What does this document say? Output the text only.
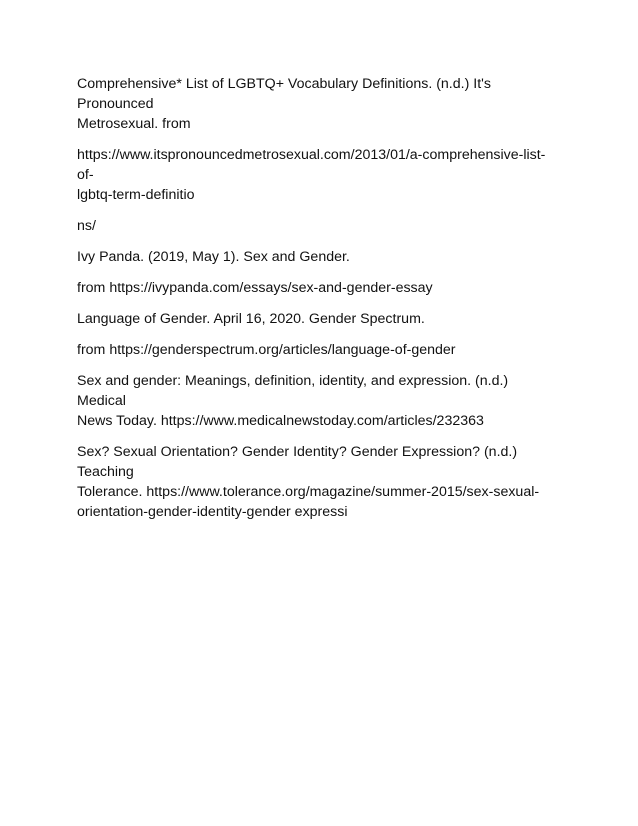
Comprehensive* List of LGBTQ+ Vocabulary Definitions. (n.d.) It's Pronounced
Metrosexual. from

https://www.itspronouncedmetrosexual.com/2013/01/a-comprehensive-list-of-
lgbtq-term-definitio

ns/

Ivy Panda. (2019, May 1). Sex and Gender.

from https://ivypanda.com/essays/sex-and-gender-essay

Language of Gender. April 16, 2020. Gender Spectrum.

from https://genderspectrum.org/articles/language-of-gender

Sex and gender: Meanings, definition, identity, and expression. (n.d.) Medical
News Today. https://www.medicalnewstoday.com/articles/232363

Sex? Sexual Orientation? Gender Identity? Gender Expression? (n.d.) Teaching
Tolerance. https://www.tolerance.org/magazine/summer-2015/sex-sexual-
orientation-gender-identity-gender expressi
